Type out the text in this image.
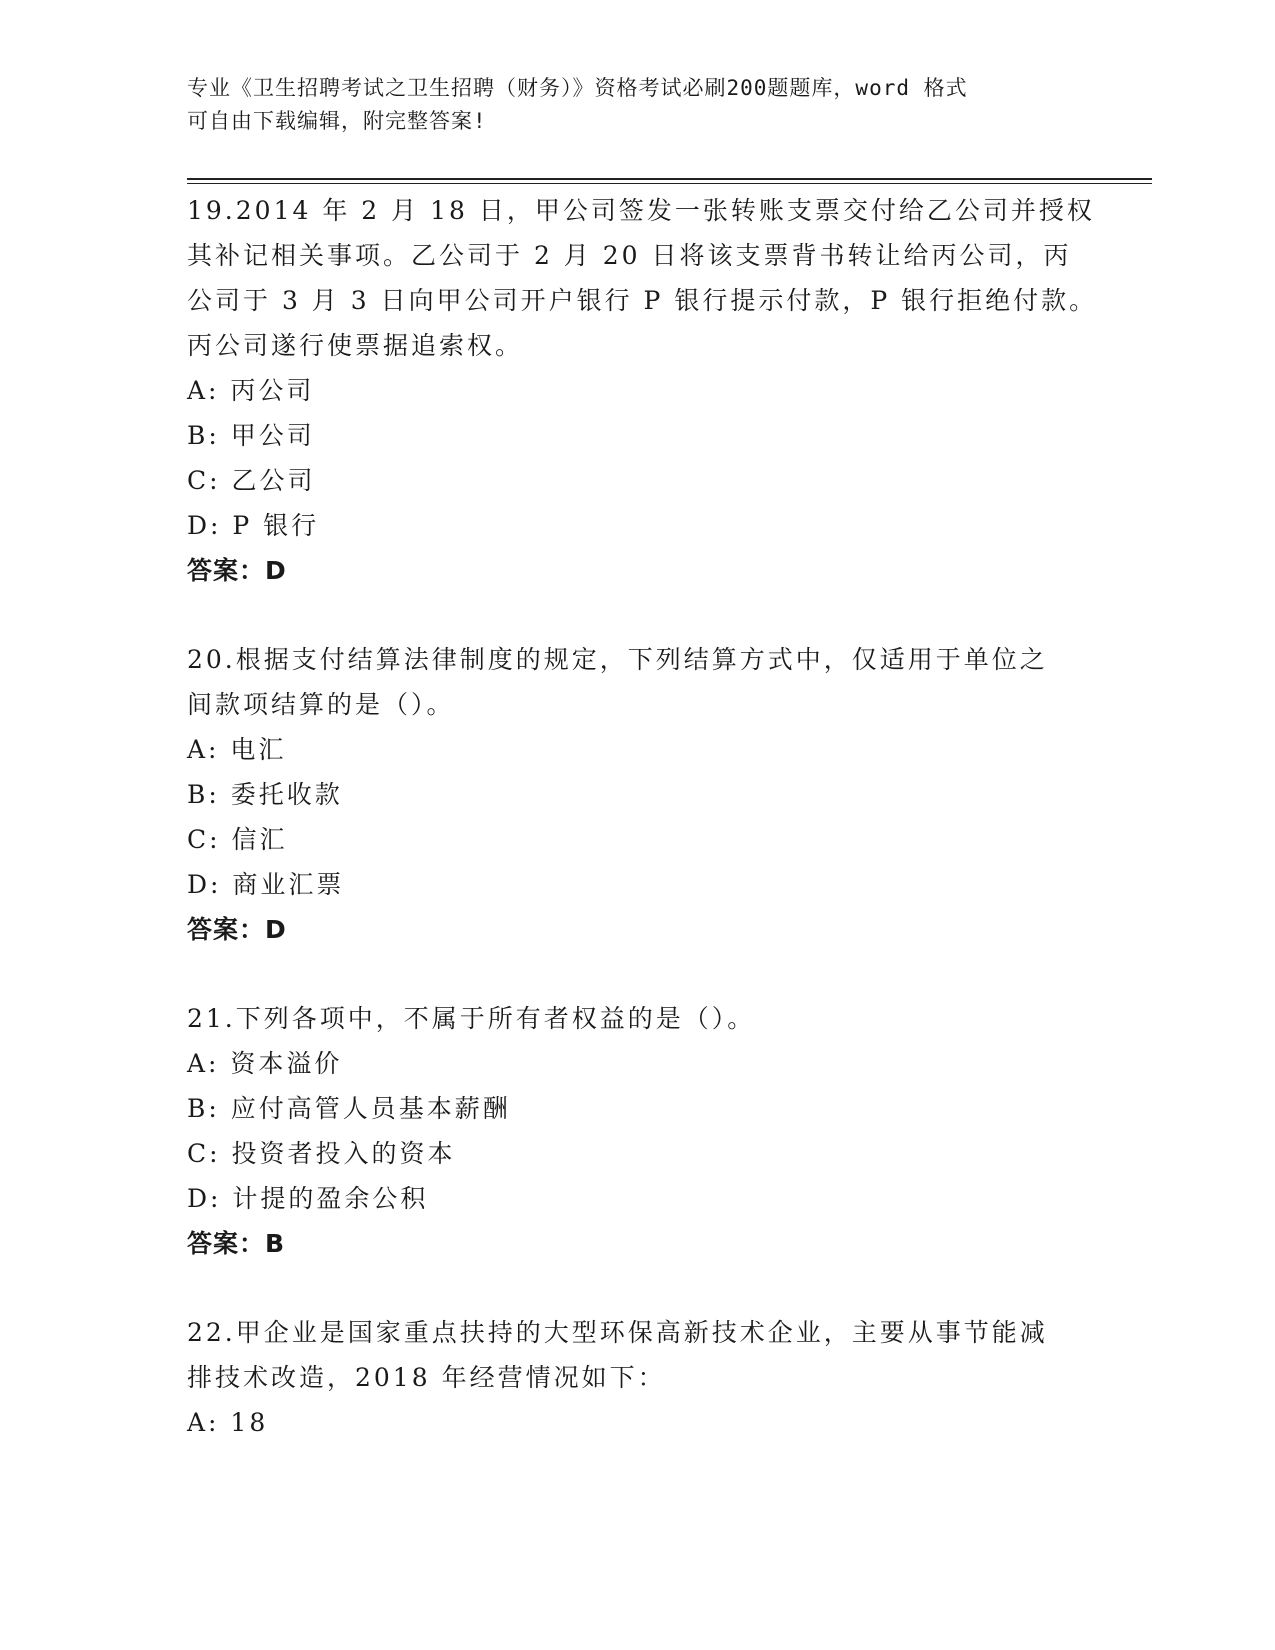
专业《卫生招聘考试之卫生招聘（财务）》资格考试必刷200题题库，word 格式
可自由下载编辑，附完整答案!
19.2014 年 2 月 18 日，甲公司签发一张转账支票交付给乙公司并授权
其补记相关事项。乙公司于 2 月 20 日将该支票背书转让给丙公司，丙
公司于 3 月 3 日向甲公司开户银行 P 银行提示付款，P 银行拒绝付款。
丙公司遂行使票据追索权。
A: 丙公司
B: 甲公司
C: 乙公司
D: P 银行
答案：D
20.根据支付结算法律制度的规定，下列结算方式中，仅适用于单位之
间款项结算的是（）。
A: 电汇
B: 委托收款
C: 信汇
D: 商业汇票
答案：D
21.下列各项中，不属于所有者权益的是（）。
A: 资本溢价
B: 应付高管人员基本薪酬
C: 投资者投入的资本
D: 计提的盈余公积
答案：B
22.甲企业是国家重点扶持的大型环保高新技术企业，主要从事节能减
排技术改造，2018 年经营情况如下：
A: 18
